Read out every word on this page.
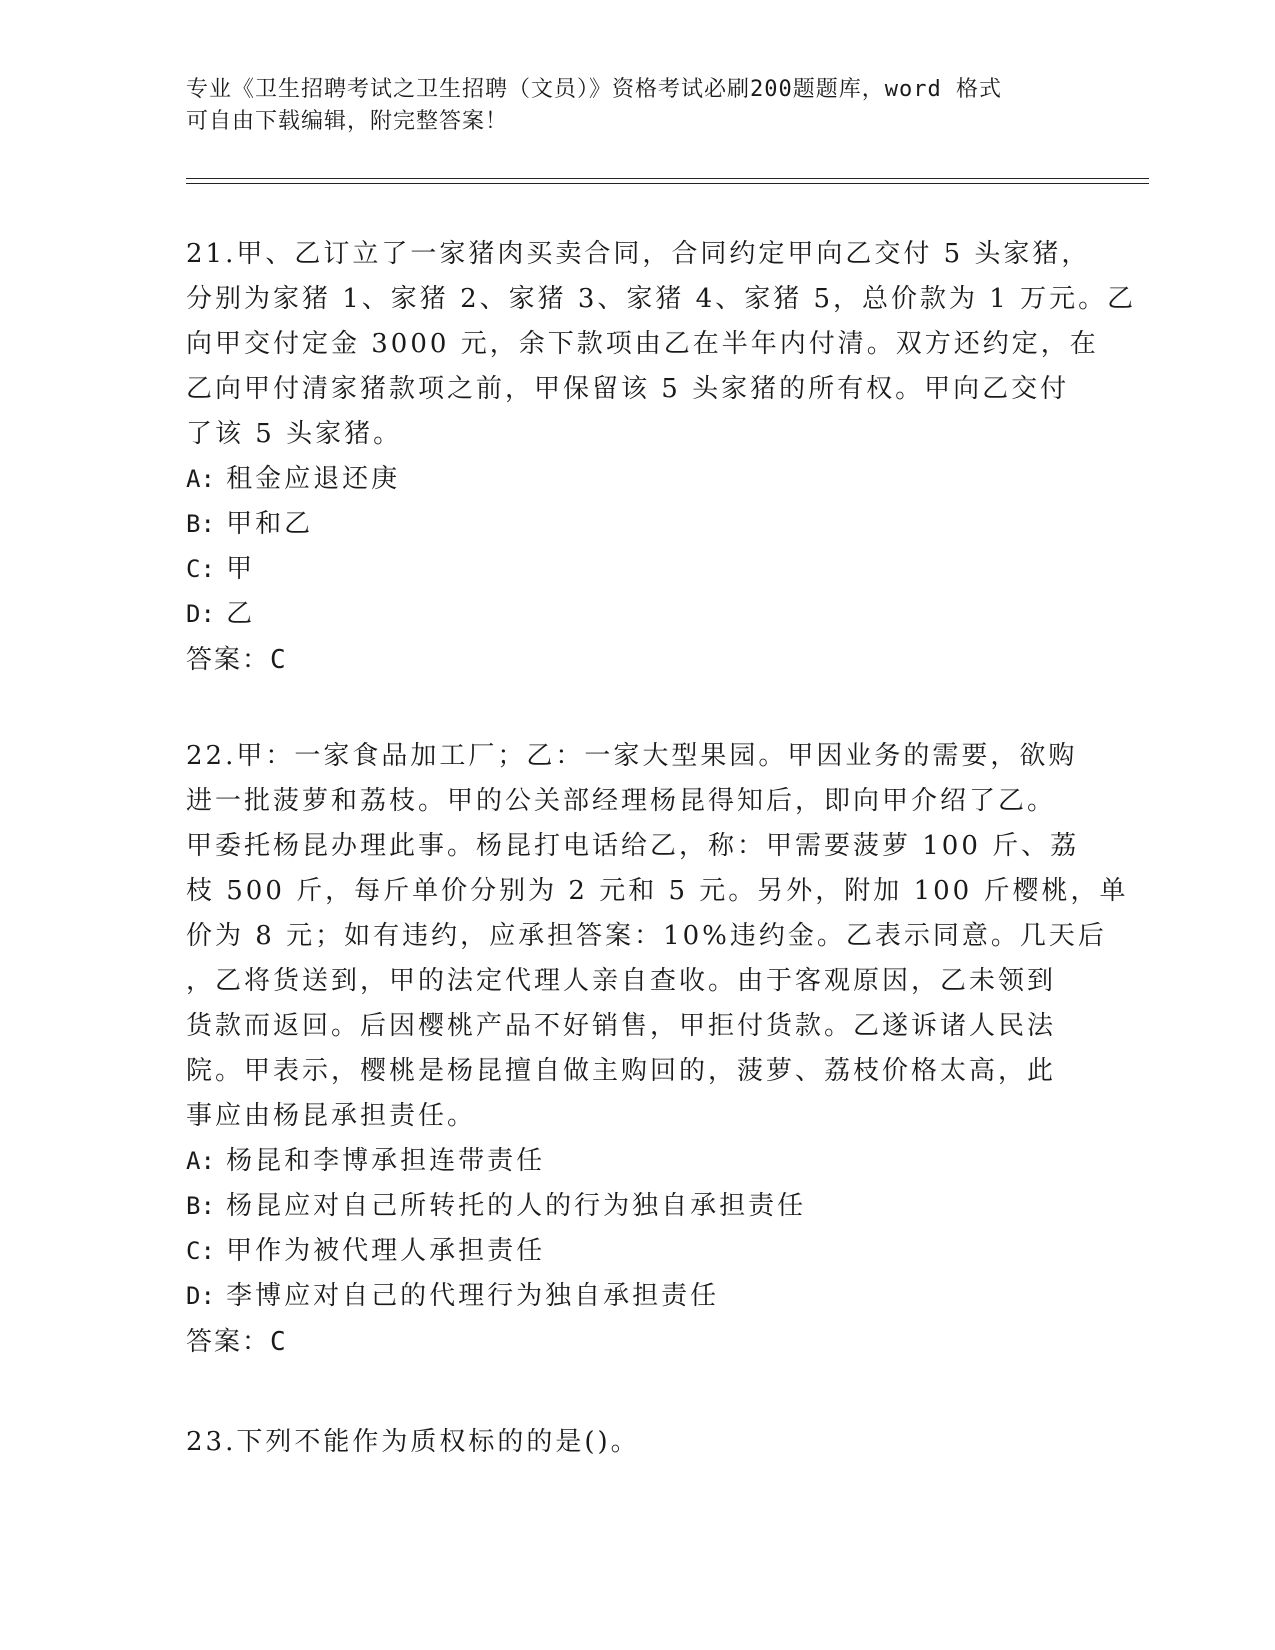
专业《卫生招聘考试之卫生招聘（文员）》资格考试必刷200题题库，word 格式
可自由下载编辑，附完整答案！
21.甲、乙订立了一家猪肉买卖合同，合同约定甲向乙交付 5 头家猪，
分别为家猪 1、家猪 2、家猪 3、家猪 4、家猪 5，总价款为 1 万元。乙
向甲交付定金 3000 元，余下款项由乙在半年内付清。双方还约定，在
乙向甲付清家猪款项之前，甲保留该 5 头家猪的所有权。甲向乙交付
了该 5 头家猪。
A: 租金应退还庚
B: 甲和乙
C: 甲
D: 乙
答案：C
22.甲：一家食品加工厂；乙：一家大型果园。甲因业务的需要，欲购
进一批菠萝和荔枝。甲的公关部经理杨昆得知后，即向甲介绍了乙。
甲委托杨昆办理此事。杨昆打电话给乙，称：甲需要菠萝 100 斤、荔
枝 500 斤，每斤单价分别为 2 元和 5 元。另外，附加 100 斤樱桃，单
价为 8 元；如有违约，应承担答案：10%违约金。乙表示同意。几天后
，乙将货送到，甲的法定代理人亲自查收。由于客观原因，乙未领到
货款而返回。后因樱桃产品不好销售，甲拒付货款。乙遂诉诸人民法
院。甲表示，樱桃是杨昆擅自做主购回的，菠萝、荔枝价格太高，此
事应由杨昆承担责任。
A: 杨昆和李博承担连带责任
B: 杨昆应对自己所转托的人的行为独自承担责任
C: 甲作为被代理人承担责任
D: 李博应对自己的代理行为独自承担责任
答案：C
23.下列不能作为质权标的的是()。
